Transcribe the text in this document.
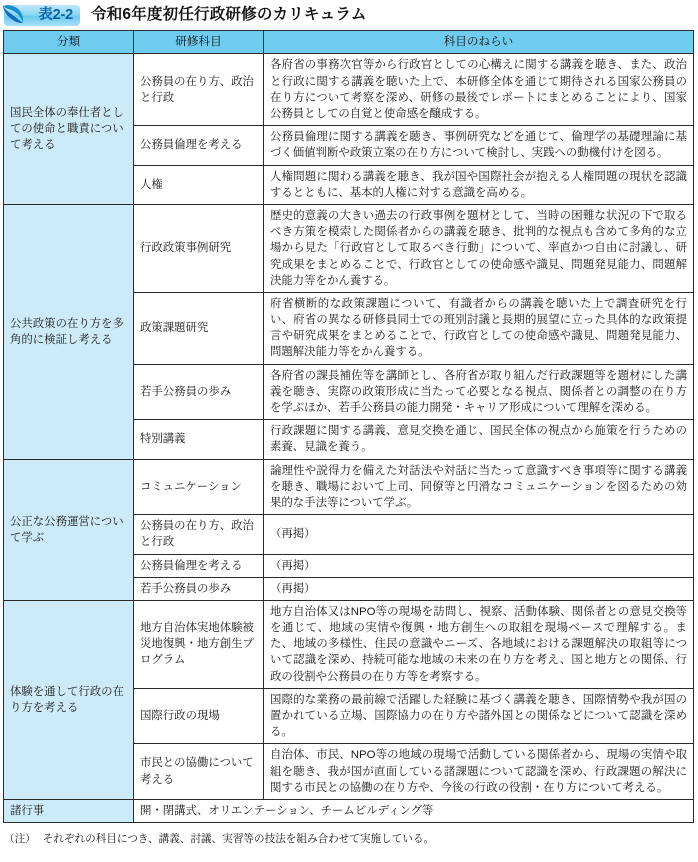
表2-2 令和6年度初任行政研修のカリキュラム
分類	研修科目	科目のねらい
国民全体の奉仕者としての使命と職責について考える	公務員の在り方、政治と行政	各府省の事務次官等から行政官としての心構えに関する講義を聴き、また、政治と行政に関する講義を聴いた上で、本研修全体を通じて期待される国家公務員の在り方について考察を深め、研修の最後でレポートにまとめることにより、国家公務員としての自覚と使命感を醸成する。
	公務員倫理を考える	公務員倫理に関する講義を聴き、事例研究などを通じて、倫理学の基礎理論に基づく価値判断や政策立案の在り方について検討し、実践への動機付けを図る。
	人権	人権問題に関わる講義を聴き、我が国や国際社会が抱える人権問題の現状を認識するとともに、基本的人権に対する意識を高める。
公共政策の在り方を多角的に検証し考える	行政政策事例研究	歴史的意義の大きい過去の行政事例を題材として、当時の困難な状況の下で取るべき方策を模索した関係者からの講義を聴き、批判的な視点も含めて多角的な立場から見た「行政官として取るべき行動」について、率直かつ自由に討議し、研究成果をまとめることで、行政官としての使命感や識見、問題発見能力、問題解決能力等をかん養する。
	政策課題研究	府省横断的な政策課題について、有識者からの講義を聴いた上で調査研究を行い、府省の異なる研修員同士での班別討議と長期的展望に立った具体的な政策提言や研究成果をまとめることで、行政官としての使命感や識見、問題発見能力、問題解決能力等をかん養する。
	若手公務員の歩み	各府省の課長補佐等を講師とし、各府省が取り組んだ行政課題等を題材にした講義を聴き、実際の政策形成に当たって必要となる視点、関係者との調整の在り方を学ぶほか、若手公務員の能力開発・キャリア形成について理解を深める。
	特別講義	行政課題に関する講義、意見交換を通じ、国民全体の視点から施策を行うための素養、見識を養う。
公正な公務運営について学ぶ	コミュニケーション	論理性や説得力を備えた対話法や対話に当たって意識すべき事項等に関する講義を聴き、職場において上司、同僚等と円滑なコミュニケーションを図るための効果的な手法等について学ぶ。
	公務員の在り方、政治と行政	（再掲）
	公務員倫理を考える	（再掲）
	若手公務員の歩み	（再掲）
体験を通して行政の在り方を考える	地方自治体実地体験被災地復興・地方創生プログラム	地方自治体又はNPO等の現場を訪問し、視察、活動体験、関係者との意見交換等を通じて、地域の実情や復興・地方創生への取組を現場ベースで理解する。また、地域の多様性、住民の意識やニーズ、各地域における課題解決の取組等について認識を深め、持続可能な地域の未来の在り方を考え、国と地方との関係、行政の役割や公務員の在り方等を考察する。
	国際行政の現場	国際的な業務の最前線で活躍した経験に基づく講義を聴き、国際情勢や我が国の置かれている立場、国際協力の在り方や諸外国との関係などについて認識を深める。
	市民との協働について考える	自治体、市民、NPO等の地域の現場で活動している関係者から、現場の実情や取組を聴き、我が国が直面している諸課題について認識を深め、行政課題の解決に関する市民との協働の在り方や、今後の行政の役割・在り方について考える。
諸行事	開・閉講式、オリエンテーション、チームビルディング等	
（注） それぞれの科目につき、講義、討議、実習等の技法を組み合わせて実施している。
